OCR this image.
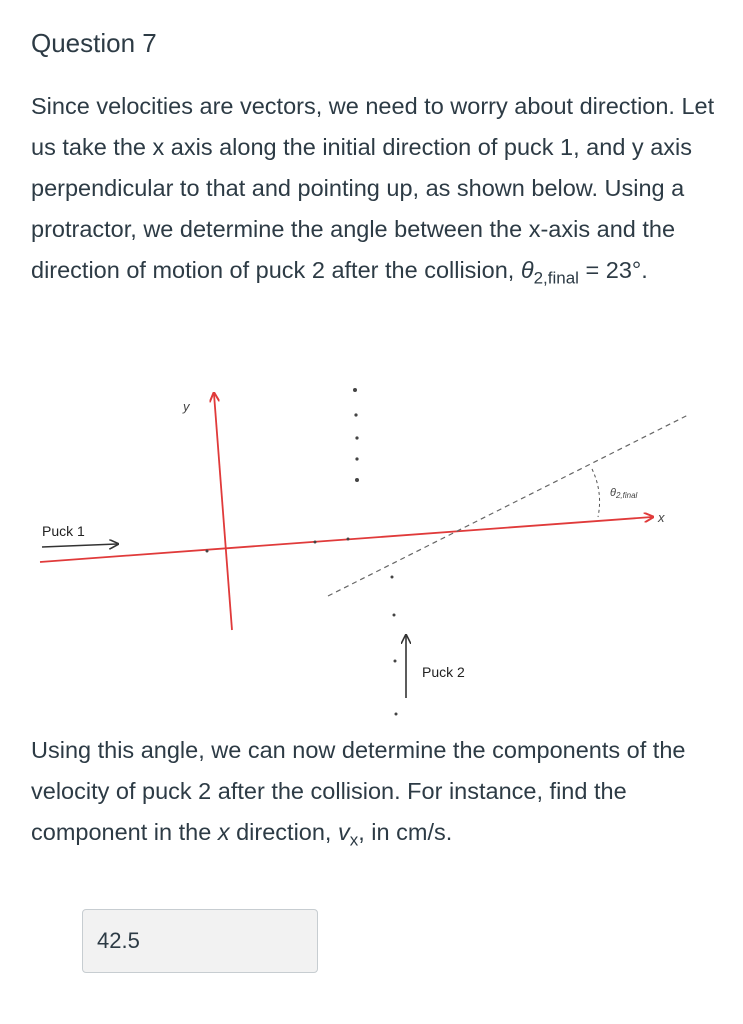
Question 7

Since velocities are vectors, we need to worry about direction. Let us take the x axis along the initial direction of puck 1, and y axis perpendicular to that and pointing up, as shown below. Using a protractor, we determine the angle between the x-axis and the direction of motion of puck 2 after the collision, $\theta_{2,final} = 23^\circ$.

y
x
θ2,final
Puck 1
Puck 2

Using this angle, we can now determine the components of the velocity of puck 2 after the collision. For instance, find the component in the x direction, $v_x$, in cm/s.

42.5
